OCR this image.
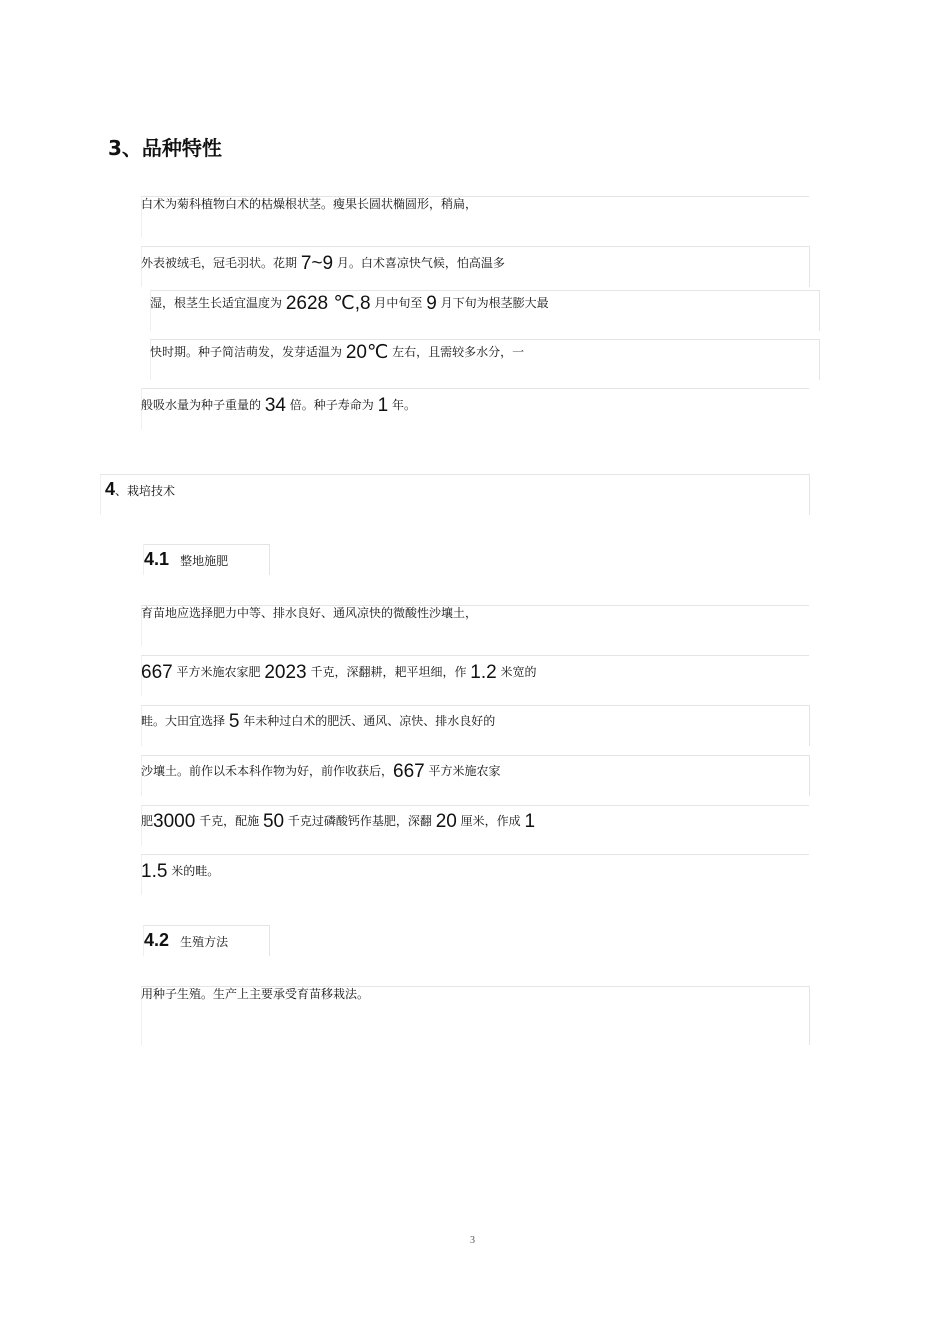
3、品种特性
白术为菊科植物白术的枯燥根状茎。瘦果长圆状椭圆形，稍扁，
外表被绒毛，冠毛羽状。花期 7~9 月。白术喜凉快气候，怕高温多
湿，根茎生长适宜温度为 2628 ℃,8 月中旬至 9 月下旬为根茎膨大最
快时期。种子简洁萌发，发芽适温为 20℃ 左右，且需较多水分，一
般吸水量为种子重量的 34 倍。种子寿命为 1 年。
4、栽培技术
4.1 整地施肥
育苗地应选择肥力中等、排水良好、通风凉快的微酸性沙壤土，
667 平方米施农家肥 2023 千克，深翻耕，耙平坦细，作 1.2 米宽的
畦。大田宜选择 5 年未种过白术的肥沃、通风、凉快、排水良好的
沙壤土。前作以禾本科作物为好，前作收获后，667 平方米施农家
肥3000 千克，配施 50 千克过磷酸钙作基肥，深翻 20 厘米，作成 1
1.5 米的畦。
4.2 生殖方法
用种子生殖。生产上主要承受育苗移栽法。
3
